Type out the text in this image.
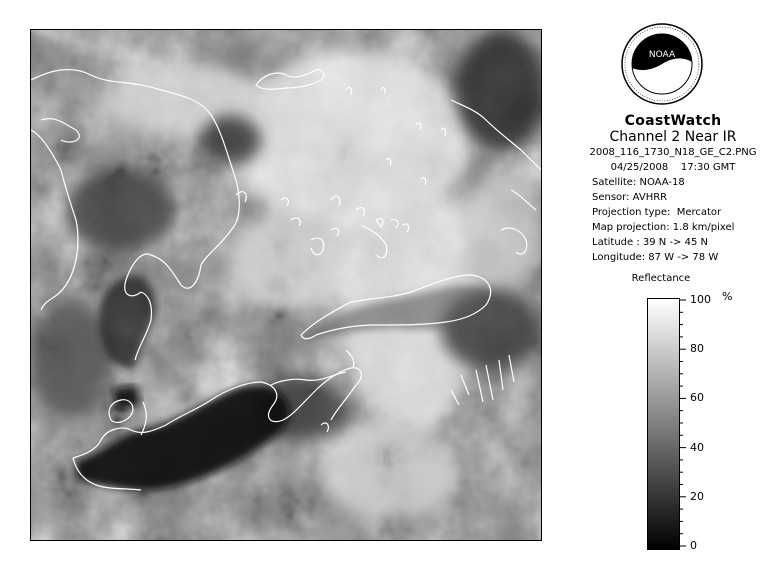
NOAA
CoastWatch
Channel 2 Near IR
2008_116_1730_N18_GE_C2.PNG
04/25/2008    17:30 GMT
Satellite: NOAA-18
Sensor: AVHRR
Projection type:  Mercator
Map projection: 1.8 km/pixel
Latitude : 39 N -> 45 N
Longitude: 87 W -> 78 W
Reflectance
%
100
80
60
40
20
0
